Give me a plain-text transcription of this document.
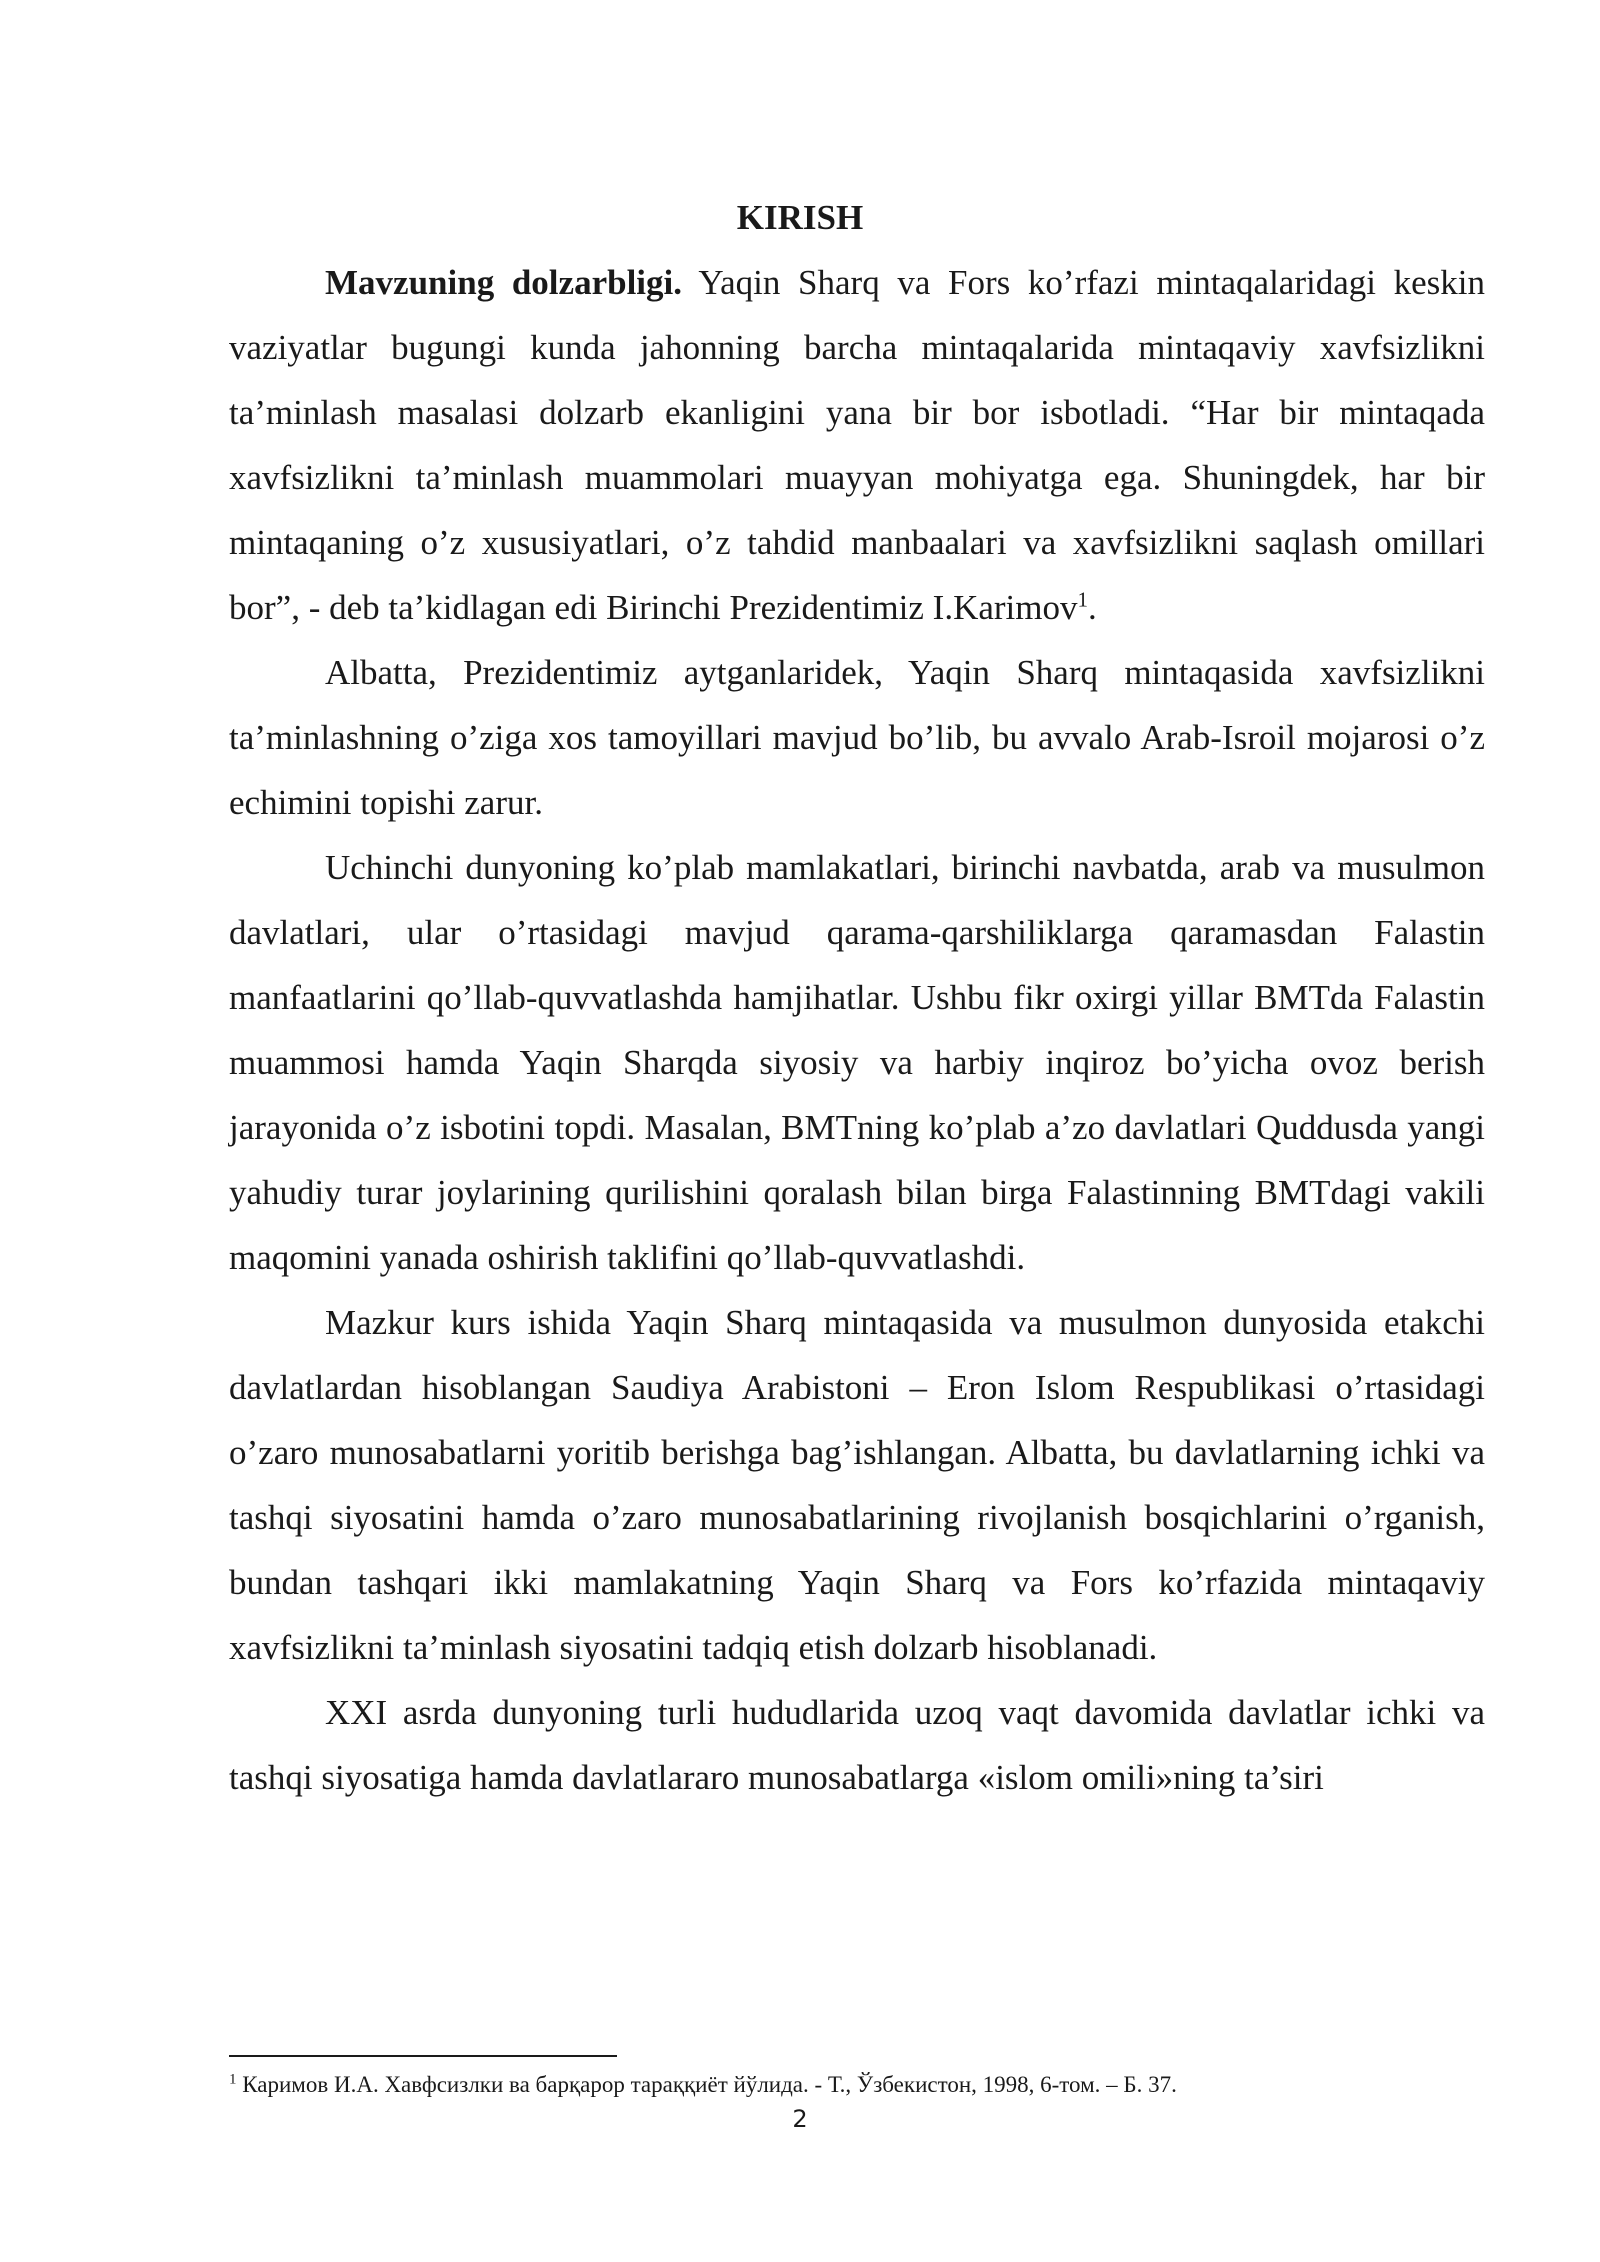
KIRISH

Mavzuning dolzarbligi. Yaqin Sharq va Fors ko’rfazi mintaqalaridagi keskin vaziyatlar bugungi kunda jahonning barcha mintaqalarida mintaqaviy xavfsizlikni ta’minlash masalasi dolzarb ekanligini yana bir bor isbotladi. “Har bir mintaqada xavfsizlikni ta’minlash muammolari muayyan mohiyatga ega. Shuningdek, har bir mintaqaning o’z xususiyatlari, o’z tahdid manbaalari va xavfsizlikni saqlash omillari bor”, - deb ta’kidlagan edi Birinchi Prezidentimiz I.Karimov$^1$.

Albatta, Prezidentimiz aytganlaridek, Yaqin Sharq mintaqasida xavfsizlikni ta’minlashning o’ziga xos tamoyillari mavjud bo’lib, bu avvalo Arab-Isroil mojarosi o’z echimini topishi zarur.

Uchinchi dunyoning ko’plab mamlakatlari, birinchi navbatda, arab va musulmon davlatlari, ular o’rtasidagi mavjud qarama-qarshiliklarga qaramasdan Falastin manfaatlarini qo’llab-quvvatlashda hamjihatlar. Ushbu fikr oxirgi yillar BMTda Falastin muammosi hamda Yaqin Sharqda siyosiy va harbiy inqiroz bo’yicha ovoz berish jarayonida o’z isbotini topdi. Masalan, BMTning ko’plab a’zo davlatlari Quddusda yangi yahudiy turar joylarining qurilishini qoralash bilan birga Falastinning BMTdagi vakili maqomini yanada oshirish taklifini qo’llab-quvvatlashdi.

Mazkur kurs ishida Yaqin Sharq mintaqasida va musulmon dunyosida etakchi davlatlardan hisoblangan Saudiya Arabistoni – Eron Islom Respublikasi o’rtasidagi o’zaro munosabatlarni yoritib berishga bag’ishlangan. Albatta, bu davlatlarning ichki va tashqi siyosatini hamda o’zaro munosabatlarining rivojlanish bosqichlarini o’rganish, bundan tashqari ikki mamlakatning Yaqin Sharq va Fors ko’rfazida mintaqaviy xavfsizlikni ta’minlash siyosatini tadqiq etish dolzarb hisoblanadi.

XXI asrda dunyoning turli hududlarida uzoq vaqt davomida davlatlar ichki va tashqi siyosatiga hamda davlatlararo munosabatlarga «islom omili»ning ta’siri

$^1$ Каримов И.А. Хавфсизлки ва барқарор тараққиёт йўлида. - Т., Ўзбекистон, 1998, 6-том. – Б. 37.

2
